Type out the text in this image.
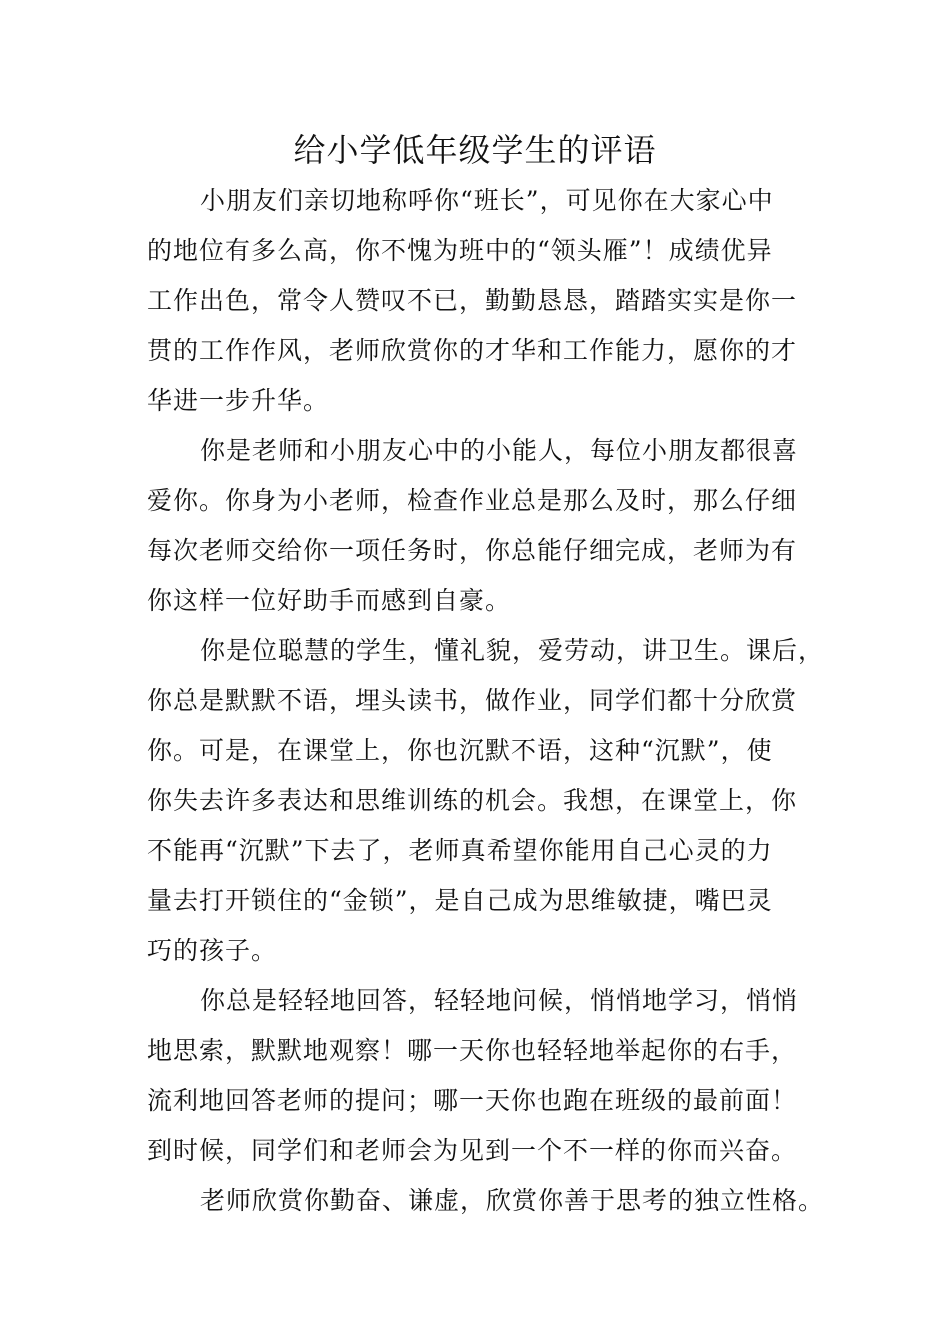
给小学低年级学生的评语
小朋友们亲切地称呼你“班长”，可见你在大家心中
的地位有多么高，你不愧为班中的“领头雁”！成绩优异
工作出色，常令人赞叹不已，勤勤恳恳，踏踏实实是你一
贯的工作作风，老师欣赏你的才华和工作能力，愿你的才
华进一步升华。
你是老师和小朋友心中的小能人，每位小朋友都很喜
爱你。你身为小老师，检查作业总是那么及时，那么仔细
每次老师交给你一项任务时，你总能仔细完成，老师为有
你这样一位好助手而感到自豪。
你是位聪慧的学生，懂礼貌，爱劳动，讲卫生。课后，
你总是默默不语，埋头读书，做作业，同学们都十分欣赏
你。可是，在课堂上，你也沉默不语，这种“沉默”，使
你失去许多表达和思维训练的机会。我想，在课堂上，你
不能再“沉默”下去了，老师真希望你能用自己心灵的力
量去打开锁住的“金锁”，是自己成为思维敏捷，嘴巴灵
巧的孩子。
你总是轻轻地回答，轻轻地问候，悄悄地学习，悄悄
地思索，默默地观察！哪一天你也轻轻地举起你的右手，
流利地回答老师的提问；哪一天你也跑在班级的最前面！
到时候，同学们和老师会为见到一个不一样的你而兴奋。
老师欣赏你勤奋、谦虚，欣赏你善于思考的独立性格。
